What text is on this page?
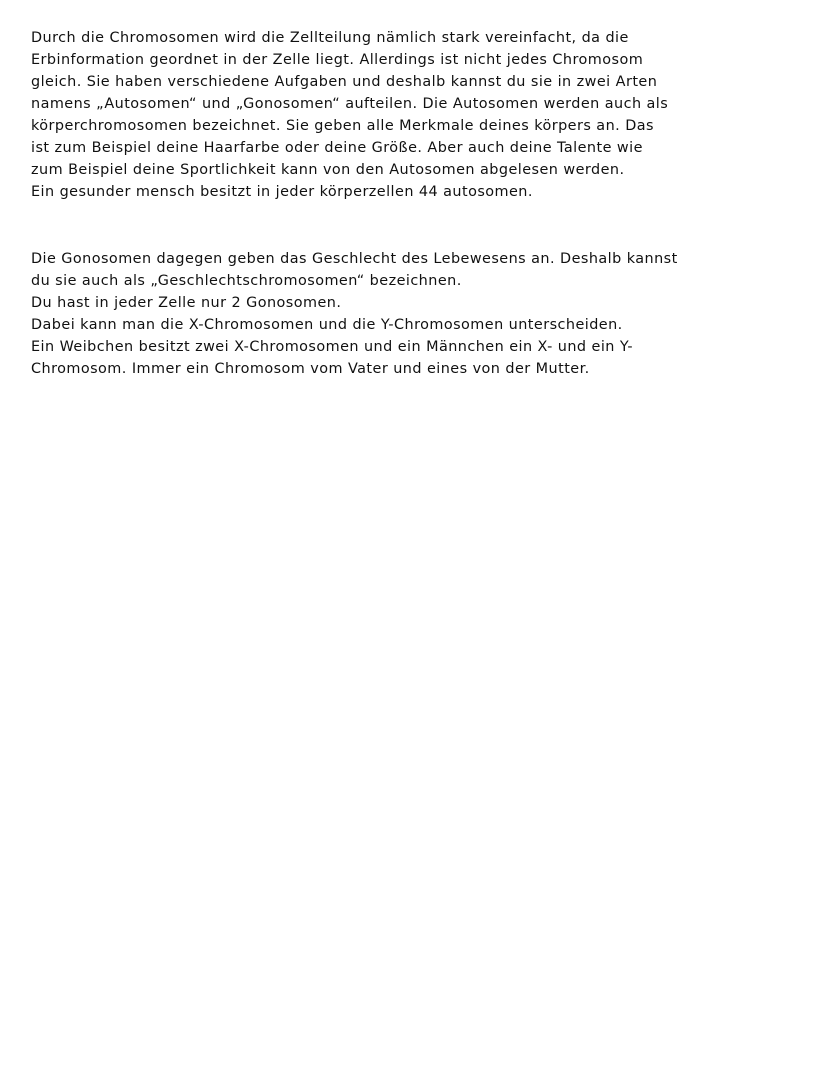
Durch die Chromosomen wird die Zellteilung nämlich stark vereinfacht, da die
Erbinformation geordnet in der Zelle liegt. Allerdings ist nicht jedes Chromosom
gleich. Sie haben verschiedene Aufgaben und deshalb kannst du sie in zwei Arten
namens „Autosomen“ und „Gonosomen“ aufteilen. Die Autosomen werden auch als
körperchromosomen bezeichnet. Sie geben alle Merkmale deines körpers an. Das
ist zum Beispiel deine Haarfarbe oder deine Größe. Aber auch deine Talente wie
zum Beispiel deine Sportlichkeit kann von den Autosomen abgelesen werden.
Ein gesunder mensch besitzt in jeder körperzellen 44 autosomen.

Die Gonosomen dagegen geben das Geschlecht des Lebewesens an. Deshalb kannst
du sie auch als „Geschlechtschromosomen“ bezeichnen.
Du hast in jeder Zelle nur 2 Gonosomen.
Dabei kann man die X-Chromosomen und die Y-Chromosomen unterscheiden.
Ein Weibchen besitzt zwei X-Chromosomen und ein Männchen ein X- und ein Y-
Chromosom. Immer ein Chromosom vom Vater und eines von der Mutter.
